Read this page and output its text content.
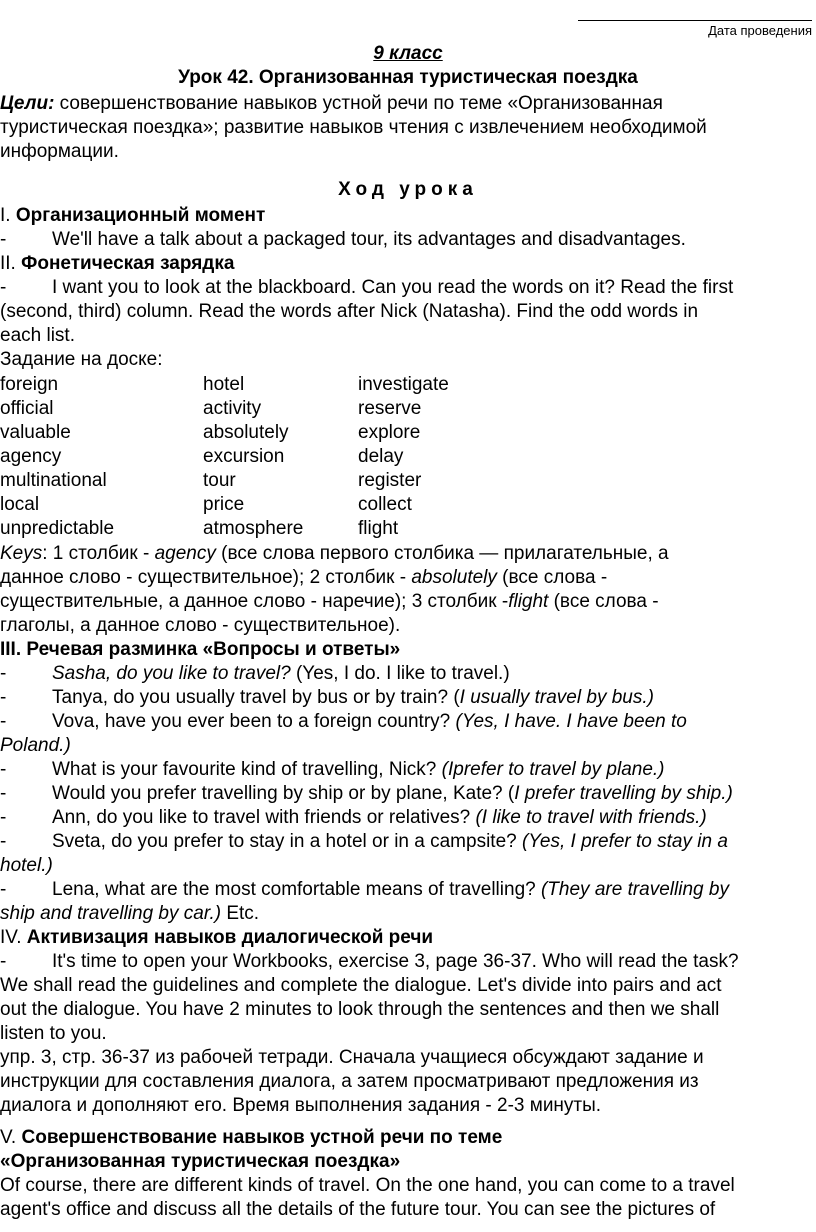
Дата проведения
9 класс
Урок 42. Организованная туристическая поездка
Цели: совершенствование навыков устной речи по теме «Организованная
туристическая поездка»; развитие навыков чтения с извлечением необходимой
информации.
Ход урока
I. Организационный момент
- We'll have a talk about a packaged tour, its advantages and disadvantages.
II. Фонетическая зарядка
- I want you to look at the blackboard. Can you read the words on it? Read the first
(second, third) column. Read the words after Nick (Natasha). Find the odd words in
each list.
Задание на доске:
foreign	hotel	investigate
official	activity	reserve
valuable	absolutely	explore
agency	excursion	delay
multinational	tour	register
local	price	collect
unpredictable	atmosphere	flight
Keys: 1 столбик - agency (все слова первого столбика — прилагательные, а
данное слово - существительное); 2 столбик - absolutely (все слова -
существительные, а данное слово - наречие); 3 столбик -flight (все слова -
глаголы, а данное слово - существительное).
III. Речевая разминка «Вопросы и ответы»
- Sasha, do you like to travel? (Yes, I do. I like to travel.)
- Tanya, do you usually travel by bus or by train? (I usually travel by bus.)
- Vova, have you ever been to a foreign country? (Yes, I have. I have been to
Poland.)
- What is your favourite kind of travelling, Nick? (Iprefer to travel by plane.)
- Would you prefer travelling by ship or by plane, Kate? (I prefer travelling by ship.)
- Ann, do you like to travel with friends or relatives? (I like to travel with friends.)
- Sveta, do you prefer to stay in a hotel or in a campsite? (Yes, I prefer to stay in a
hotel.)
- Lena, what are the most comfortable means of travelling? (They are travelling by
ship and travelling by car.) Etc.
IV. Активизация навыков диалогической речи
- It's time to open your Workbooks, exercise 3, page 36-37. Who will read the task?
We shall read the guidelines and complete the dialogue. Let's divide into pairs and act
out the dialogue. You have 2 minutes to look through the sentences and then we shall
listen to you.
упр. 3, стр. 36-37 из рабочей тетради. Сначала учащиеся обсуждают задание и
инструкции для составления диалога, а затем просматривают предложения из
диалога и дополняют его. Время выполнения задания - 2-3 минуты.
V. Совершенствование навыков устной речи по теме
«Организованная туристическая поездка»
Of course, there are different kinds of travel. On the one hand, you can come to a travel
agent's office and discuss all the details of the future tour. You can see the pictures of
